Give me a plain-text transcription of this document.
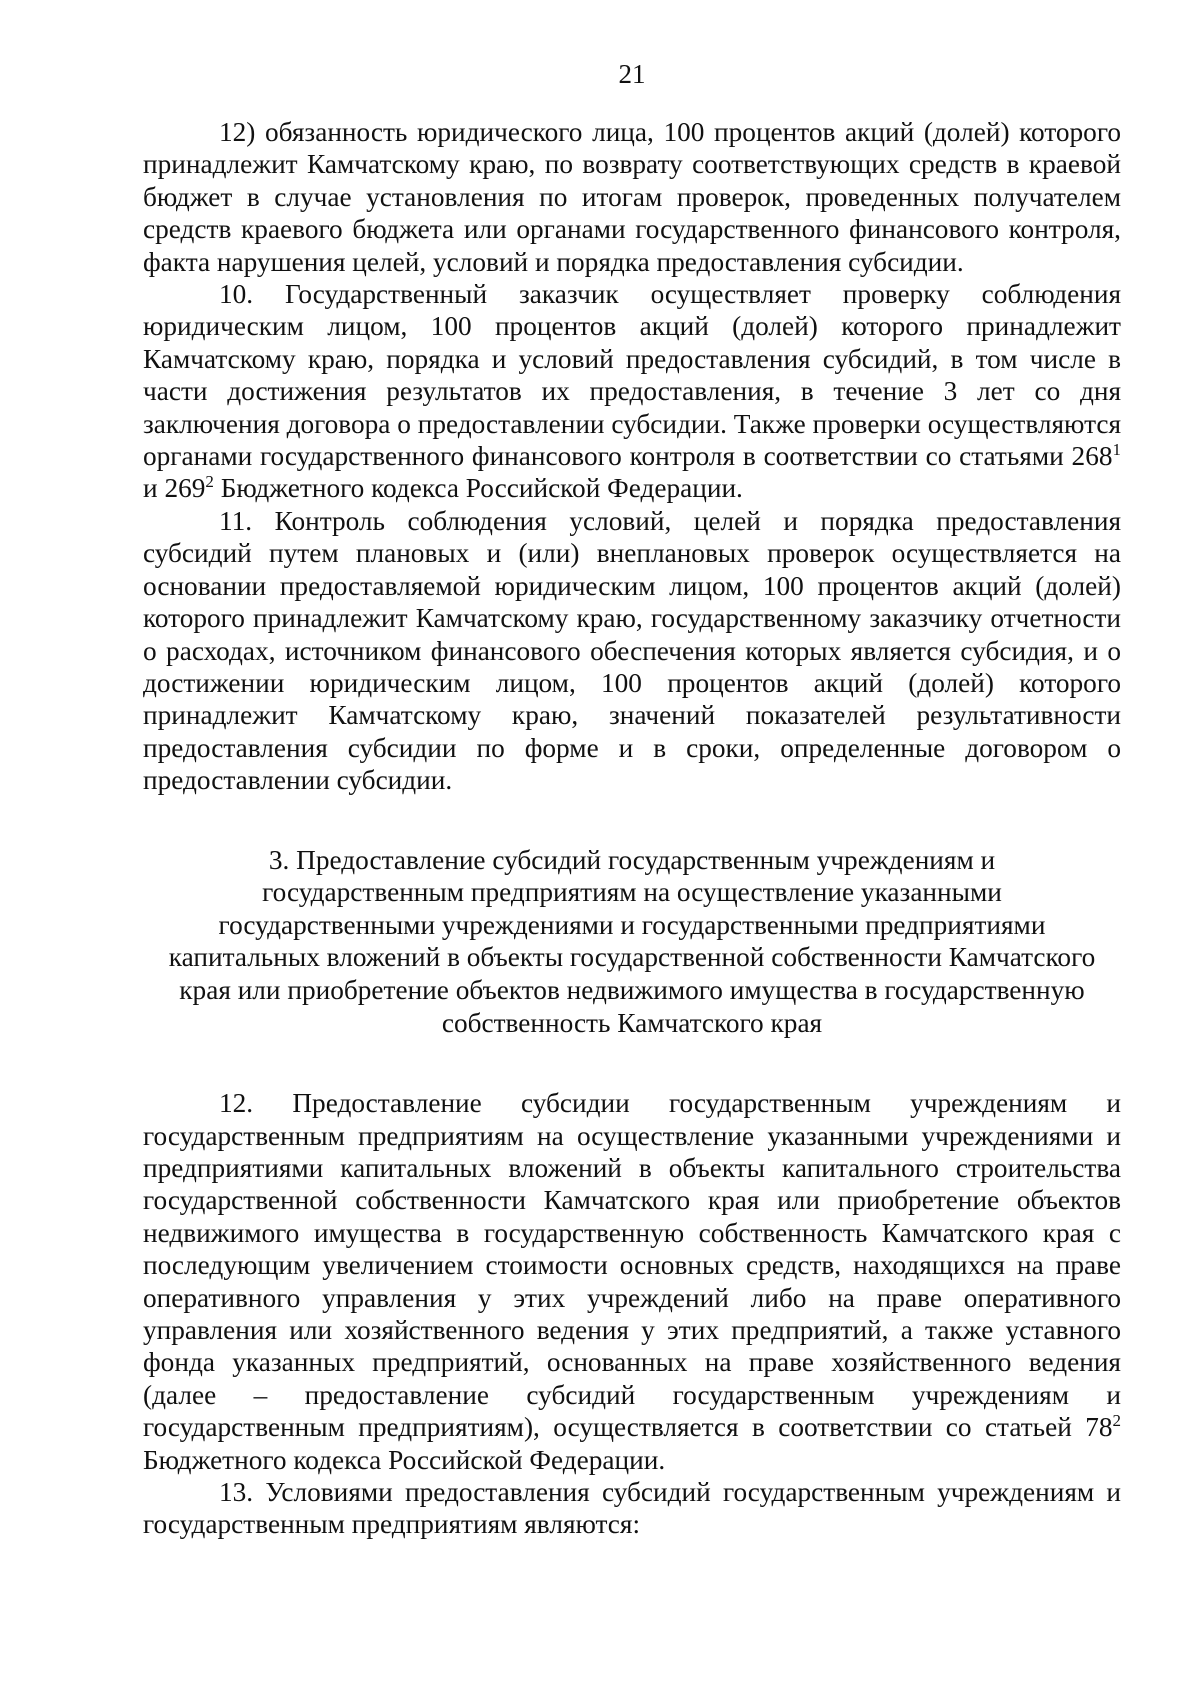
21

12) обязанность юридического лица, 100 процентов акций (долей) которого принадлежит Камчатскому краю, по возврату соответствующих средств в краевой бюджет в случае установления по итогам проверок, проведенных получателем средств краевого бюджета или органами государственного финансового контроля, факта нарушения целей, условий и порядка предоставления субсидии.

10. Государственный заказчик осуществляет проверку соблюдения юридическим лицом, 100 процентов акций (долей) которого принадлежит Камчатскому краю, порядка и условий предоставления субсидий, в том числе в части достижения результатов их предоставления, в течение 3 лет со дня заключения договора о предоставлении субсидии. Также проверки осуществляются органами государственного финансового контроля в соответствии со статьями $268^1$ и $269^2$ Бюджетного кодекса Российской Федерации.

11. Контроль соблюдения условий, целей и порядка предоставления субсидий путем плановых и (или) внеплановых проверок осуществляется на основании предоставляемой юридическим лицом, 100 процентов акций (долей) которого принадлежит Камчатскому краю, государственному заказчику отчетности о расходах, источником финансового обеспечения которых является субсидия, и о достижении юридическим лицом, 100 процентов акций (долей) которого принадлежит Камчатскому краю, значений показателей результативности предоставления субсидии по форме и в сроки, определенные договором о предоставлении субсидии.

3. Предоставление субсидий государственным учреждениям и
государственным предприятиям на осуществление указанными
государственными учреждениями и государственными предприятиями
капитальных вложений в объекты государственной собственности Камчатского
края или приобретение объектов недвижимого имущества в государственную
собственность Камчатского края

12. Предоставление субсидии государственным учреждениям и государственным предприятиям на осуществление указанными учреждениями и предприятиями капитальных вложений в объекты капитального строительства государственной собственности Камчатского края или приобретение объектов недвижимого имущества в государственную собственность Камчатского края с последующим увеличением стоимости основных средств, находящихся на праве оперативного управления у этих учреждений либо на праве оперативного управления или хозяйственного ведения у этих предприятий, а также уставного фонда указанных предприятий, основанных на праве хозяйственного ведения (далее – предоставление субсидий государственным учреждениям и государственным предприятиям), осуществляется в соответствии со статьей $78^2$ Бюджетного кодекса Российской Федерации.

13. Условиями предоставления субсидий государственным учреждениям и государственным предприятиям являются:
